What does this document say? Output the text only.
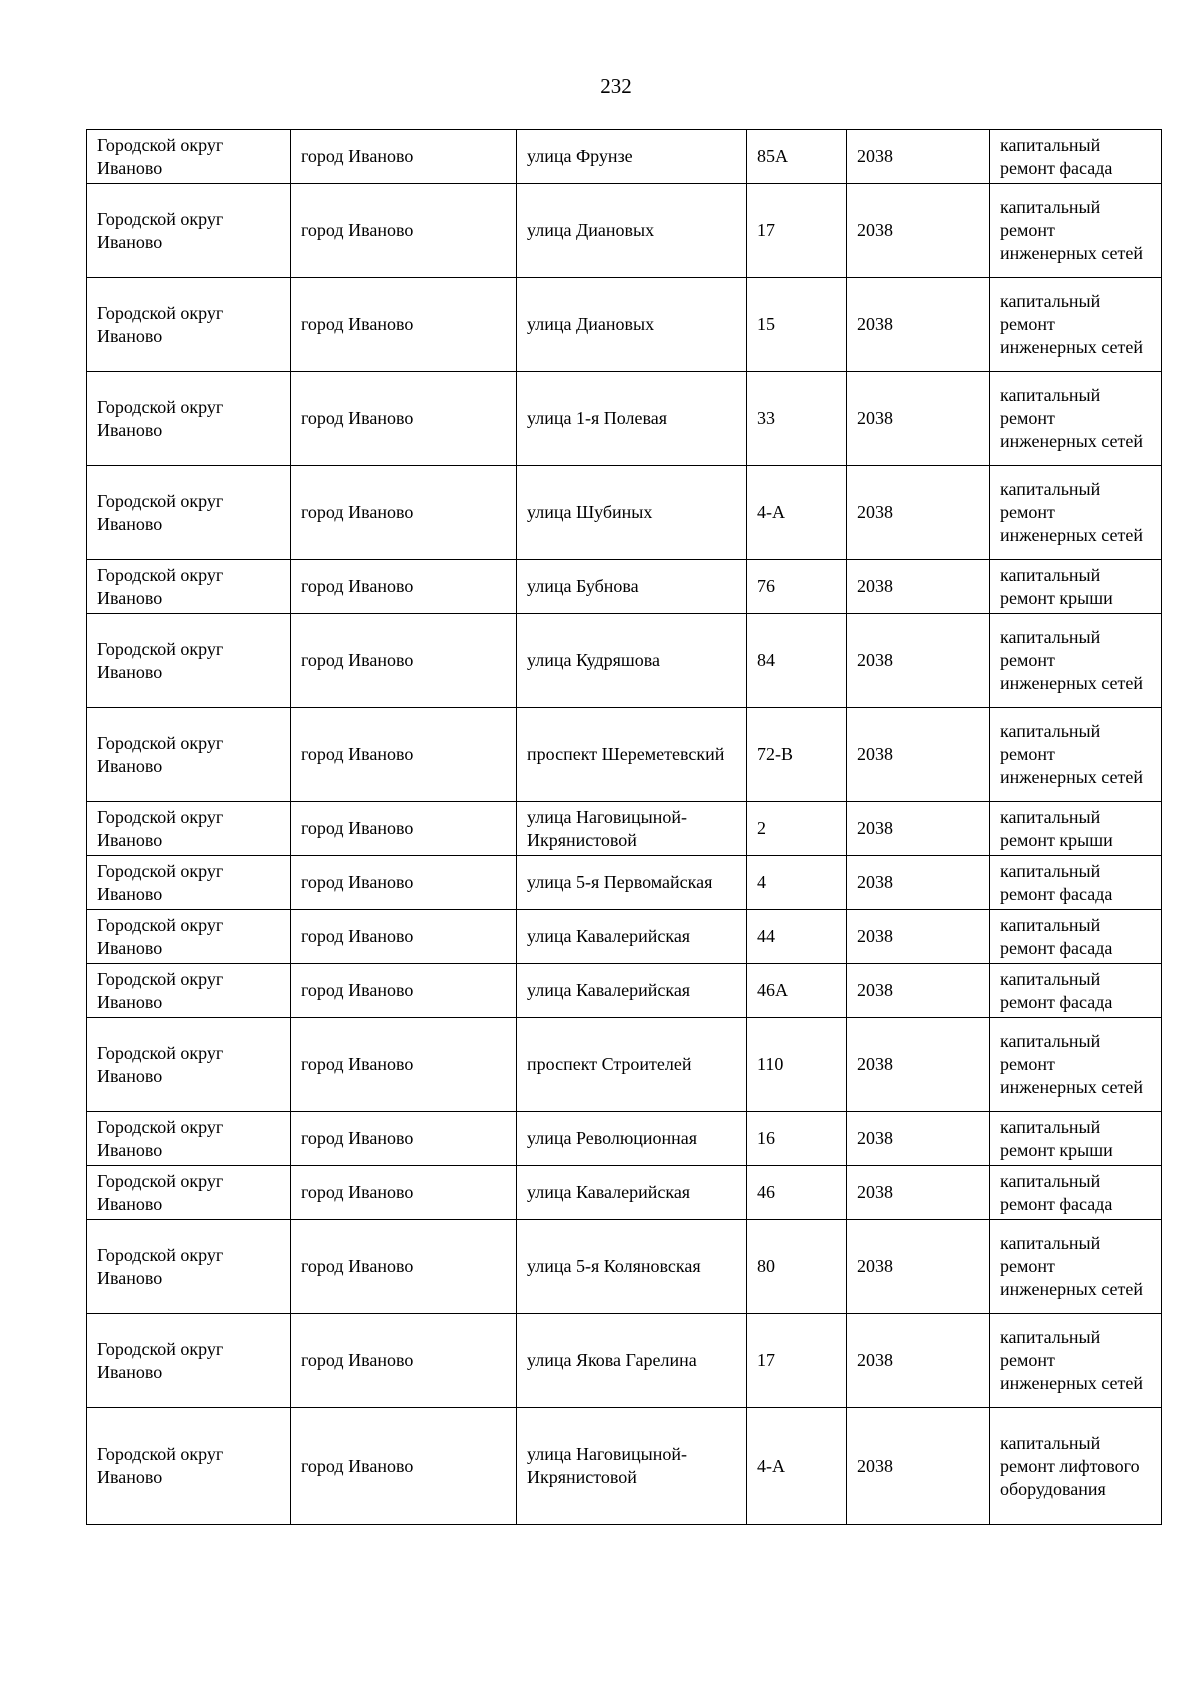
232
Городской округ Иваново	город Иваново	улица Фрунзе	85А	2038	капитальный ремонт фасада
Городской округ Иваново	город Иваново	улица Диановых	17	2038	капитальный ремонт инженерных сетей
Городской округ Иваново	город Иваново	улица Диановых	15	2038	капитальный ремонт инженерных сетей
Городской округ Иваново	город Иваново	улица 1-я Полевая	33	2038	капитальный ремонт инженерных сетей
Городской округ Иваново	город Иваново	улица Шубиных	4-А	2038	капитальный ремонт инженерных сетей
Городской округ Иваново	город Иваново	улица Бубнова	76	2038	капитальный ремонт крыши
Городской округ Иваново	город Иваново	улица Кудряшова	84	2038	капитальный ремонт инженерных сетей
Городской округ Иваново	город Иваново	проспект Шереметевский	72-В	2038	капитальный ремонт инженерных сетей
Городской округ Иваново	город Иваново	улица Наговицыной-Икрянистовой	2	2038	капитальный ремонт крыши
Городской округ Иваново	город Иваново	улица 5-я Первомайская	4	2038	капитальный ремонт фасада
Городской округ Иваново	город Иваново	улица Кавалерийская	44	2038	капитальный ремонт фасада
Городской округ Иваново	город Иваново	улица Кавалерийская	46А	2038	капитальный ремонт фасада
Городской округ Иваново	город Иваново	проспект Строителей	110	2038	капитальный ремонт инженерных сетей
Городской округ Иваново	город Иваново	улица Революционная	16	2038	капитальный ремонт крыши
Городской округ Иваново	город Иваново	улица Кавалерийская	46	2038	капитальный ремонт фасада
Городской округ Иваново	город Иваново	улица 5-я Коляновская	80	2038	капитальный ремонт инженерных сетей
Городской округ Иваново	город Иваново	улица Якова Гарелина	17	2038	капитальный ремонт инженерных сетей
Городской округ Иваново	город Иваново	улица Наговицыной-Икрянистовой	4-А	2038	капитальный ремонт лифтового оборудования
